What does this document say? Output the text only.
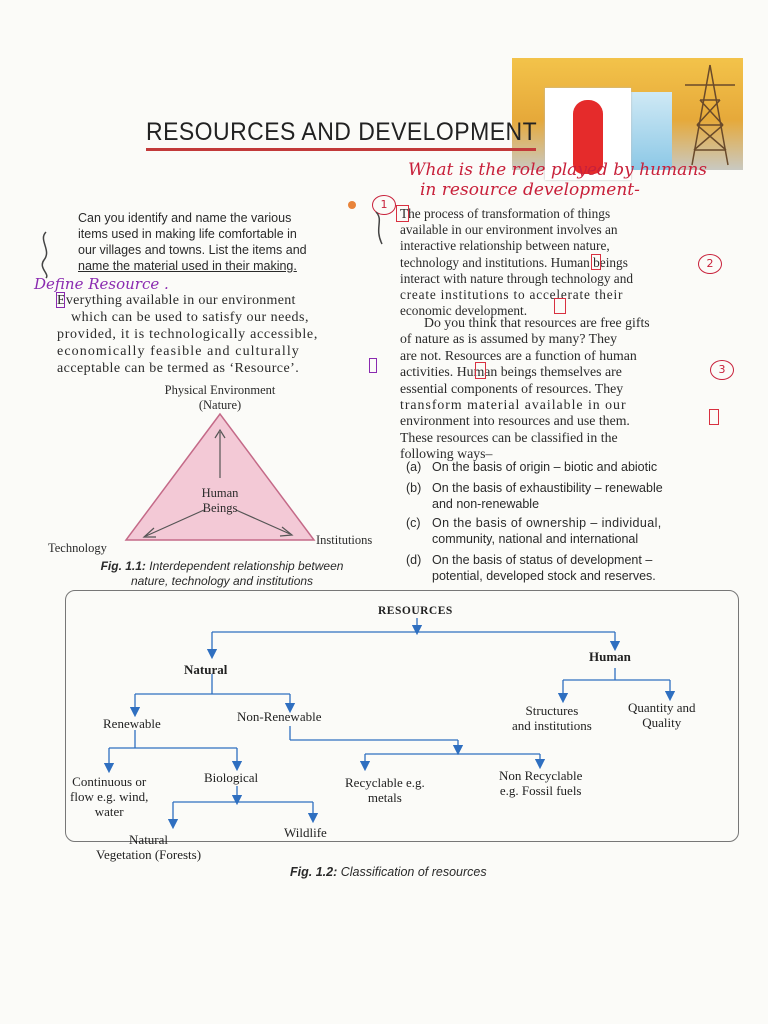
RESOURCES AND DEVELOPMENT
What is the role played by humans
in resource development-
1
2
3
Define Resource .
Can you identify and name the various
items used in making life comfortable in
our villages and towns. List the items and
name the material used in their making.
Everything available in our environment
which can be used to satisfy our needs,
provided, it is technologically accessible,
economically feasible and culturally
acceptable can be termed as ‘Resource’.
Physical Environment
(Nature)
Human
Beings
Technology
Institutions
Fig. 1.1: Interdependent relationship between
nature, technology and institutions
The process of transformation of things
available in our environment involves an
interactive relationship between nature,
technology and institutions. Human beings
interact with nature through technology and
create institutions to accelerate their
economic development.
Do you think that resources are free gifts
of nature as is assumed by many? They
are not. Resources are a function of human
activities. Human beings themselves are
essential components of resources. They
transform material available in our
environment into resources and use them.
These resources can be classified in the
following ways–
(a) On the basis of origin – biotic and abiotic
(b) On the basis of exhaustibility – renewable
and non-renewable
(c) On the basis of ownership – individual,
community, national and international
(d) On the basis of status of development –
potential, developed stock and reserves.
RESOURCES
Natural
Human
Renewable	Non-Renewable	Structures
and institutions
Quantity and
Quality
Continuous or
flow e.g. wind,
water
Biological	Recyclable e.g.
metals
Non Recyclable
e.g. Fossil fuels
Natural
Vegetation (Forests)
Wildlife
Fig. 1.2: Classification of resources
